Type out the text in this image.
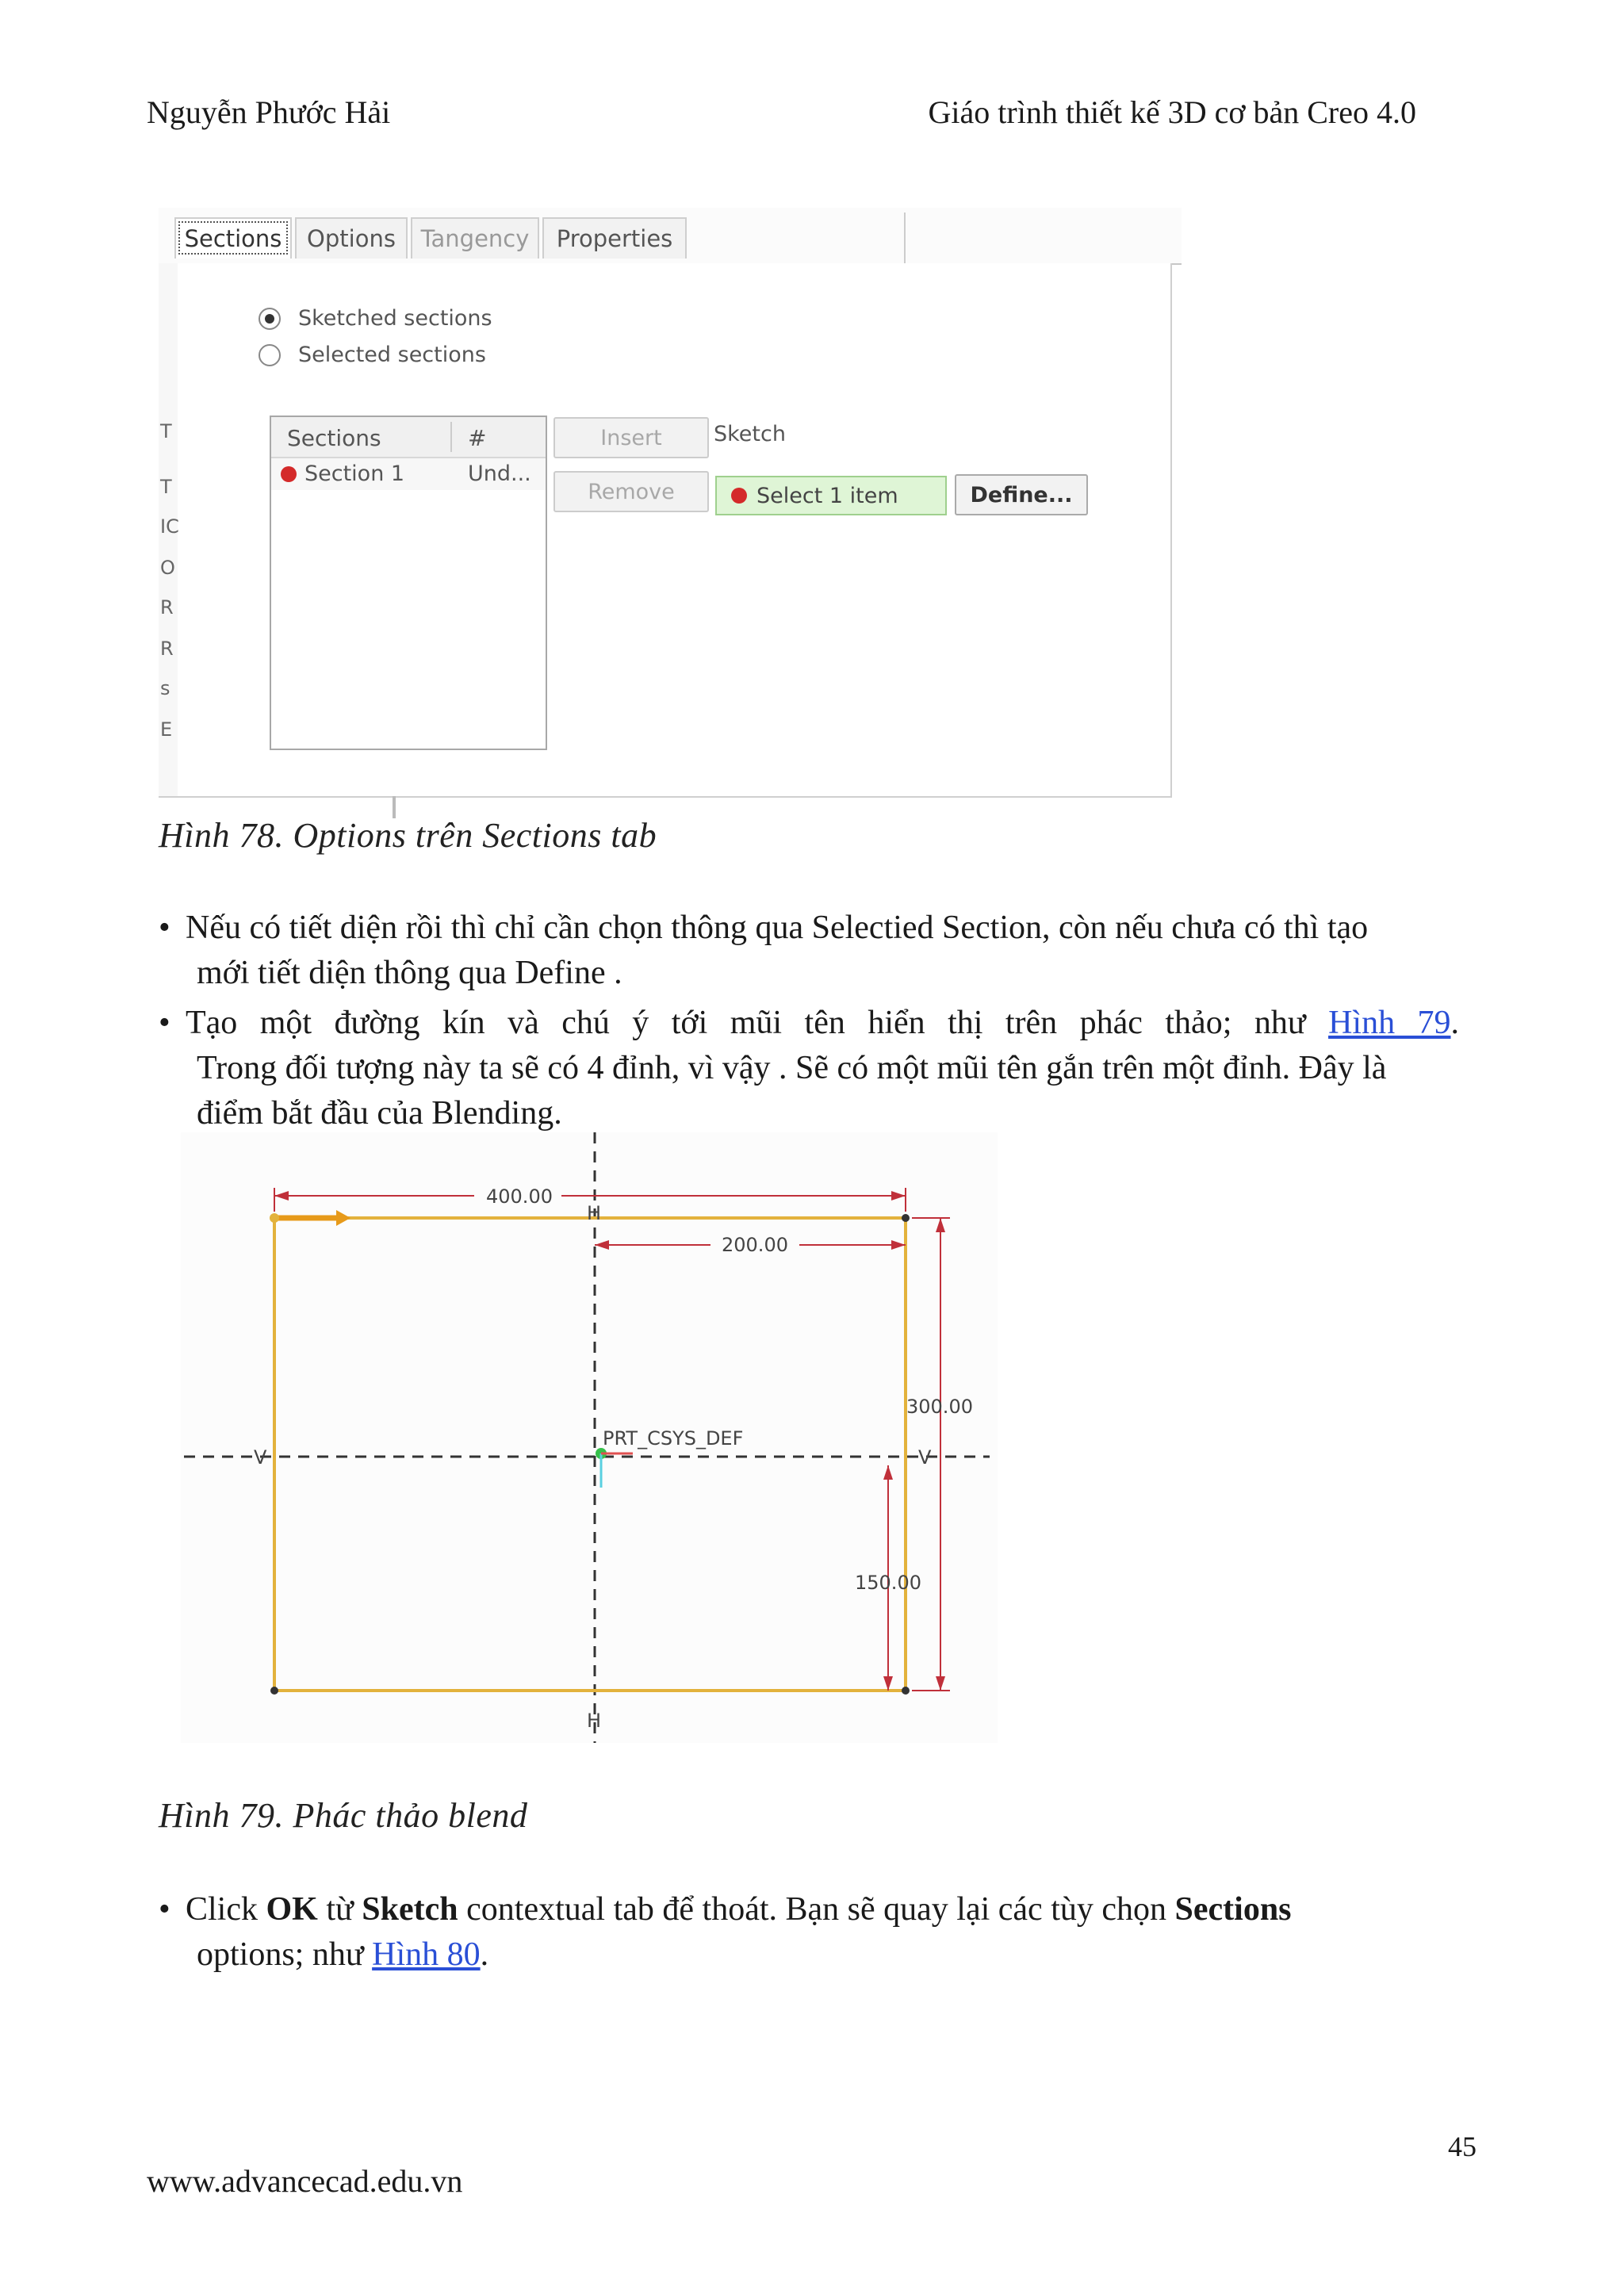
Nguyễn Phước Hải	Giáo trình thiết kế 3D cơ bản Creo 4.0
Sections	Options	Tangency	Properties
T
T
IC
O
R
R
s
E
Sketched sections
Selected sections
Sections	#
Section 1	Und...
Insert
Remove
Sketch
Select 1 item	Define...
Hình 78. Options trên Sections tab
• Nếu có tiết diện rồi thì chỉ cần chọn thông qua Selectied Section, còn nếu chưa có thì tạo
mới tiết diện thông qua Define .
• Tạo một đường kín và chú ý tới mũi tên hiển thị trên phác thảo; như Hình 79.
Trong đối tượng này ta sẽ có 4 đỉnh, vì vậy . Sẽ có một mũi tên gắn trên một đỉnh. Đây là
điểm bắt đầu của Blending.
400.00
200.00
300.00
150.00
PRT_CSYS_DEF
H
H
V	V
Hình 79. Phác thảo blend
• Click OK từ Sketch contextual tab để thoát. Bạn sẽ quay lại các tùy chọn Sections
options; như Hình 80.
45
www.advancecad.edu.vn
